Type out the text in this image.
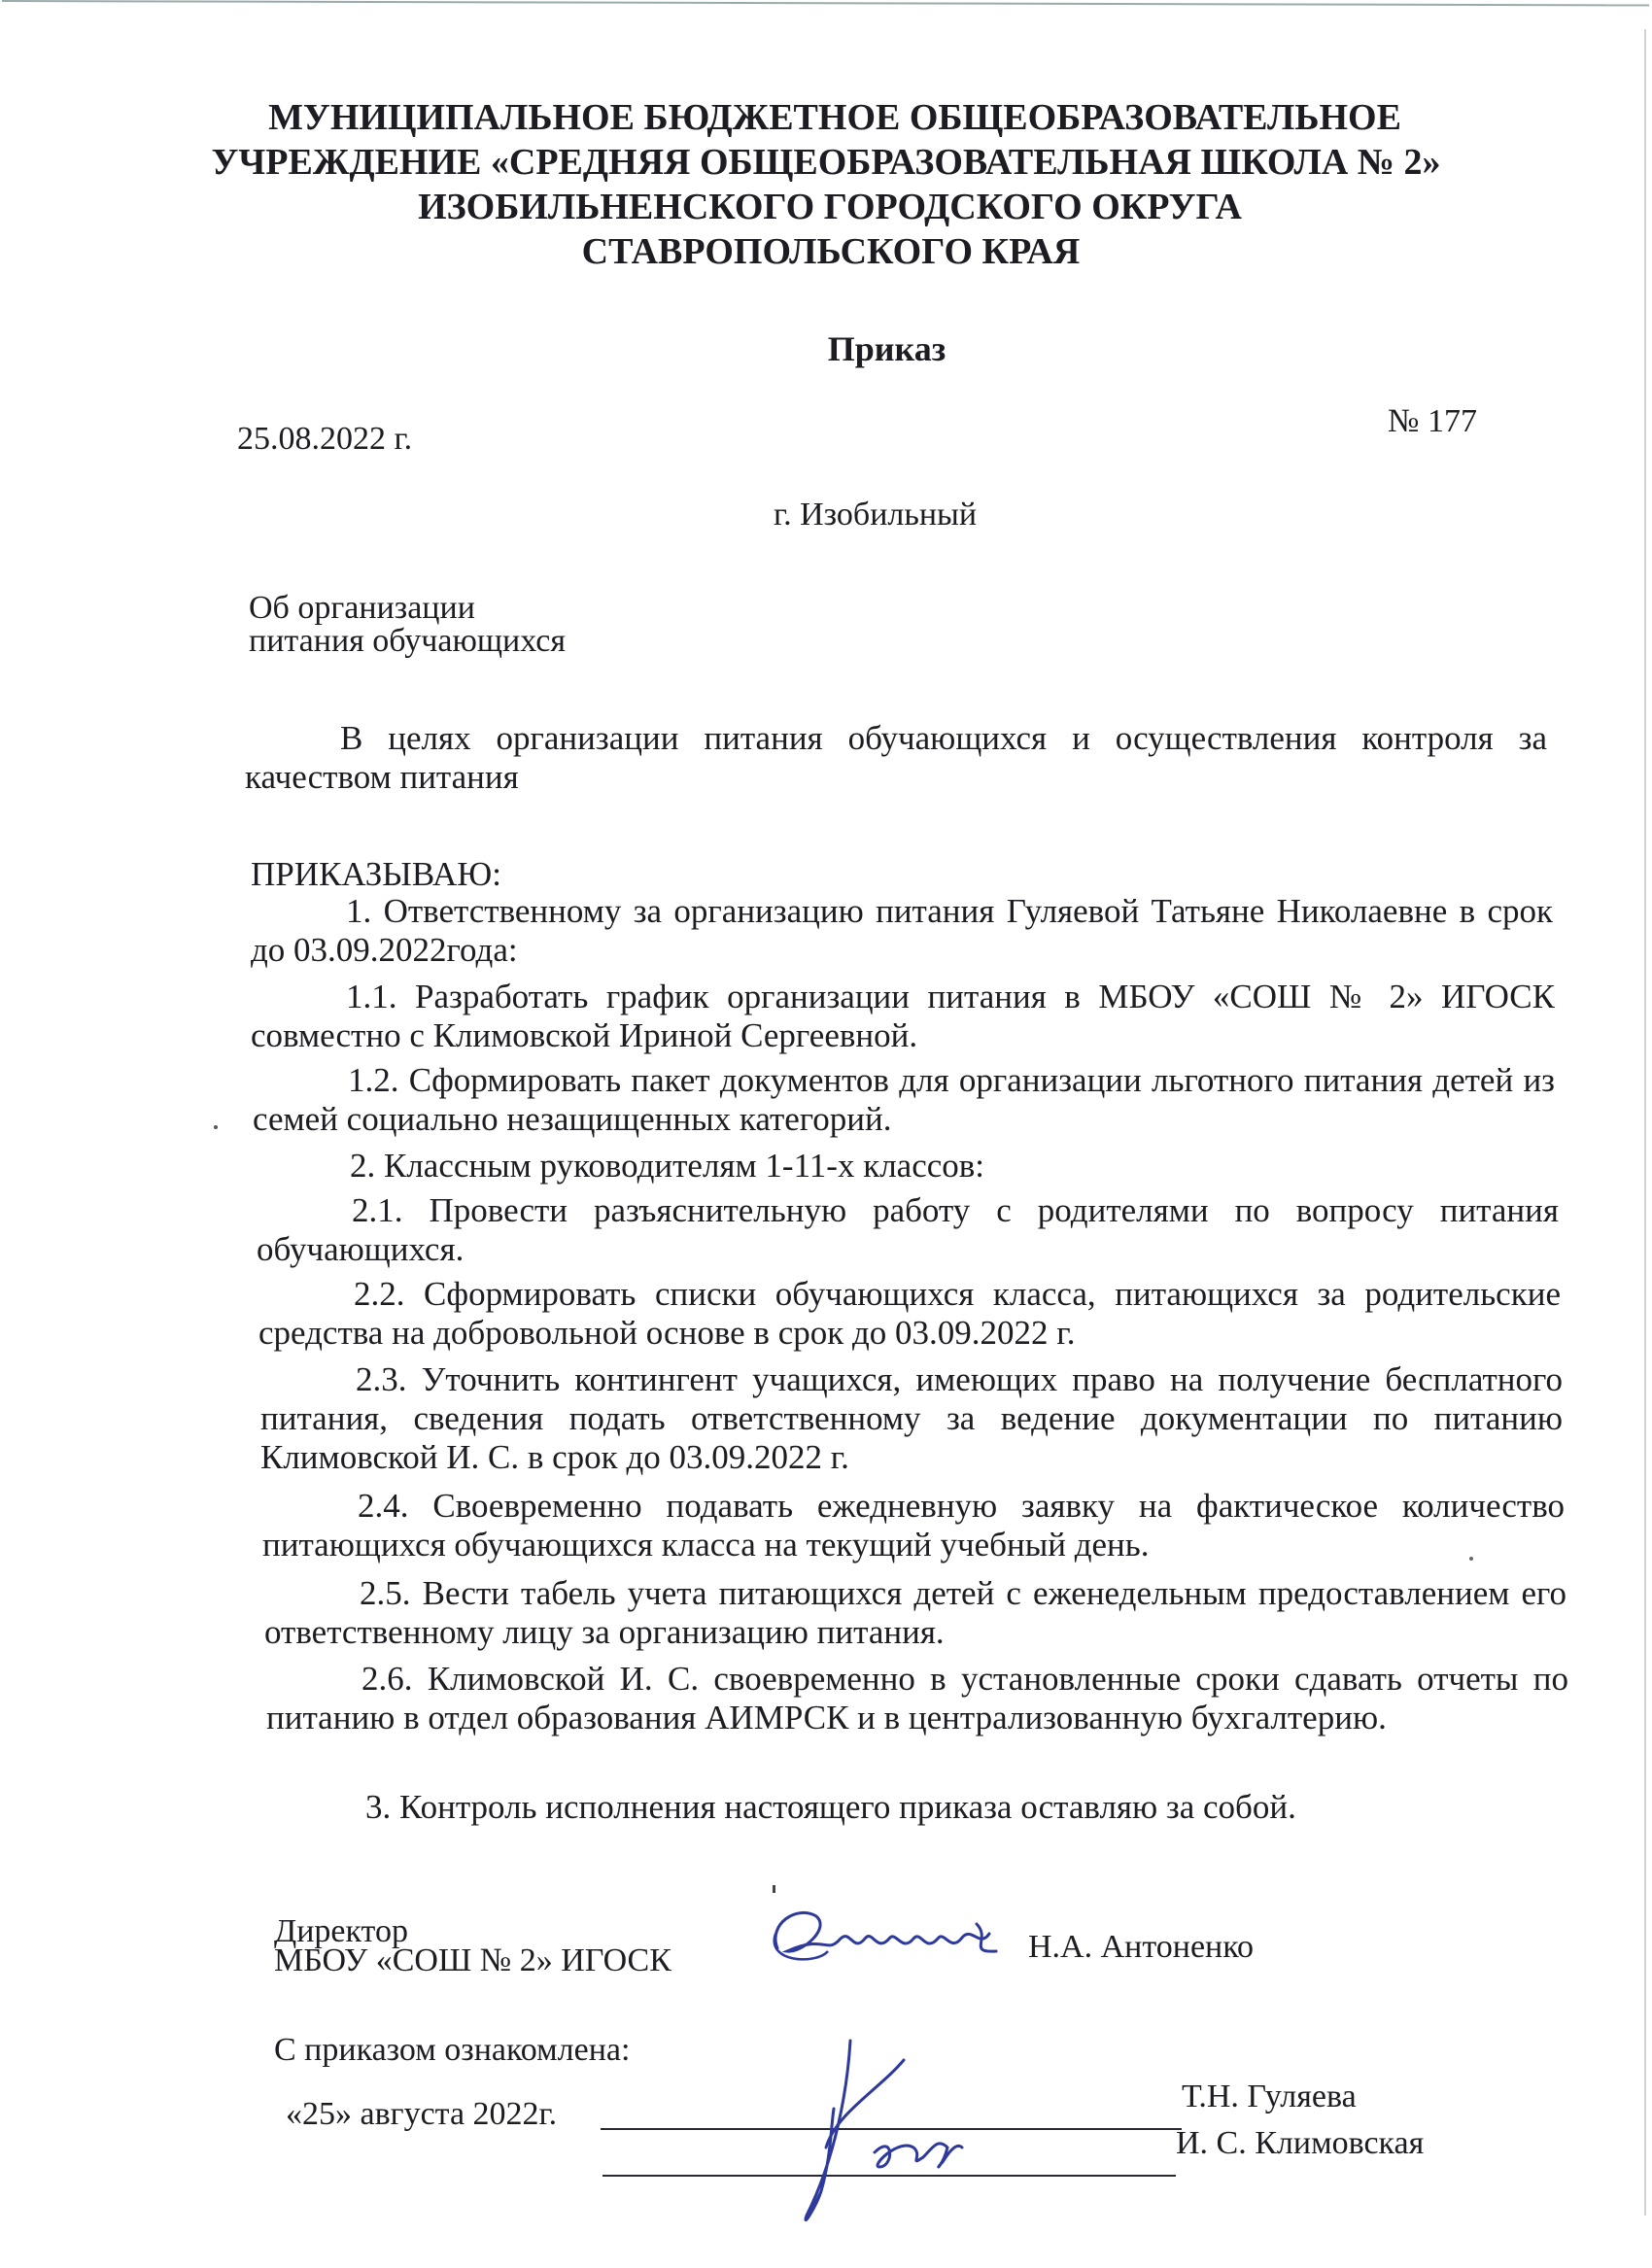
МУНИЦИПАЛЬНОЕ БЮДЖЕТНОЕ ОБЩЕОБРАЗОВАТЕЛЬНОЕ
УЧРЕЖДЕНИЕ «СРЕДНЯЯ ОБЩЕОБРАЗОВАТЕЛЬНАЯ ШКОЛА № 2»
ИЗОБИЛЬНЕНСКОГО ГОРОДСКОГО ОКРУГА
СТАВРОПОЛЬСКОГО КРАЯ
Приказ
25.08.2022 г.	№ 177
г. Изобильный
Об организации
питания обучающихся
В целях организации питания обучающихся и осуществления контроля за качеством питания
ПРИКАЗЫВАЮ:
1. Ответственному за организацию питания Гуляевой Татьяне Николаевне в срок до 03.09.2022года:
1.1. Разработать график организации питания в МБОУ «СОШ № 2» ИГОСК совместно с Климовской Ириной Сергеевной.
1.2. Сформировать пакет документов для организации льготного питания детей из семей социально незащищенных категорий.
2. Классным руководителям 1-11-х классов:
2.1. Провести разъяснительную работу с родителями по вопросу питания обучающихся.
2.2. Сформировать списки обучающихся класса, питающихся за родительские средства на добровольной основе в срок до 03.09.2022 г.
2.3. Уточнить контингент учащихся, имеющих право на получение бесплатного питания, сведения подать ответственному за ведение документации по питанию Климовской И. С. в срок до 03.09.2022 г.
2.4. Своевременно подавать ежедневную заявку на фактическое количество питающихся обучающихся класса на текущий учебный день.
2.5. Вести табель учета питающихся детей с еженедельным предоставлением его ответственному лицу за организацию питания.
2.6. Климовской И. С. своевременно в установленные сроки сдавать отчеты по питанию в отдел образования АИМРСК и в централизованную бухгалтерию.
3. Контроль исполнения настоящего приказа оставляю за собой.
Директор
МБОУ «СОШ № 2» ИГОСК	Н.А. Антоненко
С приказом ознакомлена:
«25» августа 2022г.	Т.Н. Гуляева
И. С. Климовская
